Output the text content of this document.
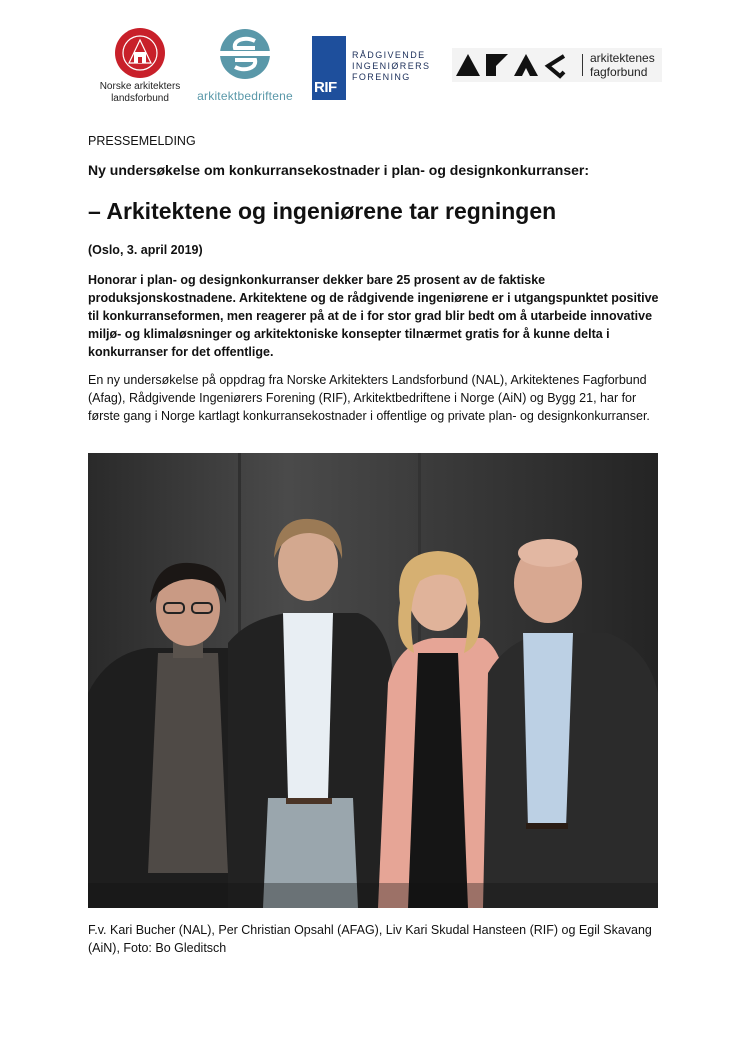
Norske arkitekters
landsforbund	arkitektbedriftene	RIF
RÅDGIVENDE
INGENIØRERS
FORENING
arkitektenes
fagforbund
PRESSEMELDING
Ny undersøkelse om konkurransekostnader i plan- og designkonkurranser:
– Arkitektene og ingeniørene tar regningen
(Oslo, 3. april 2019)
Honorar i plan- og designkonkurranser dekker bare 25 prosent av de faktiske produksjonskostnadene. Arkitektene og de rådgivende ingeniørene er i utgangspunktet positive til konkurranseformen, men reagerer på at de i for stor grad blir bedt om å utarbeide innovative miljø- og klimaløsninger og arkitektoniske konsepter tilnærmet gratis for å kunne delta i konkurranser for det offentlige.
En ny undersøkelse på oppdrag fra Norske Arkitekters Landsforbund (NAL), Arkitektenes Fagforbund (Afag), Rådgivende Ingeniørers Forening (RIF), Arkitektbedriftene i Norge (AiN) og Bygg 21, har for første gang i Norge kartlagt konkurransekostnader i offentlige og private plan- og designkonkurranser.
F.v. Kari Bucher (NAL), Per Christian Opsahl (AFAG), Liv Kari Skudal Hansteen (RIF) og Egil Skavang (AiN), Foto: Bo Gleditsch
